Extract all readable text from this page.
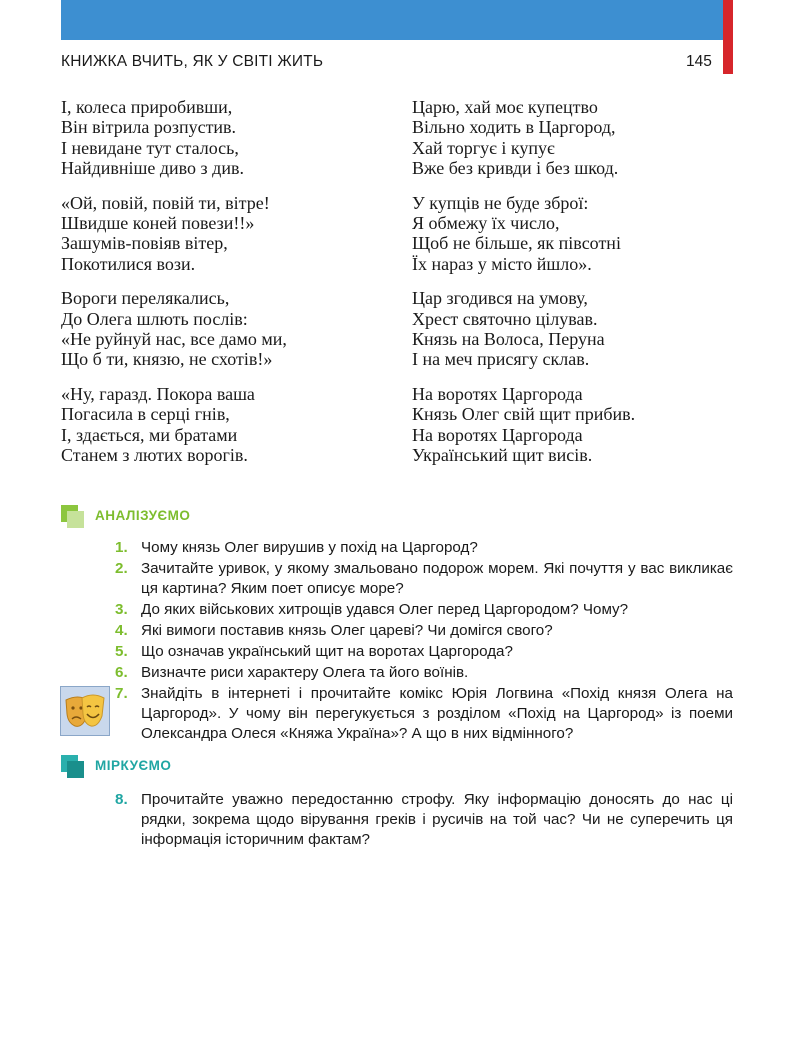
КНИЖКА ВЧИТЬ, ЯК У СВІТІ ЖИТЬ	145
І, колеса приробивши,
Він вітрила розпустив.
І невидане тут сталось,
Найдивніше диво з див.
«Ой, повій, повій ти, вітре!
Швидше коней повези!!»
Зашумів-повіяв вітер,
Покотилися вози.
Вороги перелякались,
До Олега шлють послів:
«Не руйнуй нас, все дамо ми,
Що б ти, князю, не схотів!»
«Ну, гаразд. Покора ваша
Погасила в серці гнів,
І, здається, ми братами
Станем з лютих ворогів.
Царю, хай моє купецтво
Вільно ходить в Царгород,
Хай торгує і купує
Вже без кривди і без шкод.
У купців не буде зброї:
Я обмежу їх число,
Щоб не більше, як півсотні
Їх нараз у місто йшло».
Цар згодився на умову,
Хрест святочно цілував.
Князь на Волоса, Перуна
І на меч присягу склав.
На воротях Царгорода
Князь Олег свій щит прибив.
На воротях Царгорода
Український щит висів.
АНАЛІЗУЄМО
1. Чому князь Олег вирушив у похід на Царгород?
2. Зачитайте уривок, у якому змальовано подорож морем. Які почуття у вас викликає ця картина? Яким поет описує море?
3. До яких військових хитрощів удався Олег перед Царгородом? Чому?
4. Які вимоги поставив князь Олег цареві? Чи домігся свого?
5. Що означав український щит на воротах Царгорода?
6. Визначте риси характеру Олега та його воїнів.
7. Знайдіть в інтернеті і прочитайте комікс Юрія Логвина «Похід князя Олега на Царгород». У чому він перегукується з розділом «Похід на Царгород» із поеми Олександра Олеся «Княжа Україна»? А що в них відмінного?
МІРКУЄМО
8. Прочитайте уважно передостанню строфу. Яку інформацію доносять до нас ці рядки, зокрема щодо вірування греків і русичів на той час? Чи не суперечить ця інформація історичним фактам?
